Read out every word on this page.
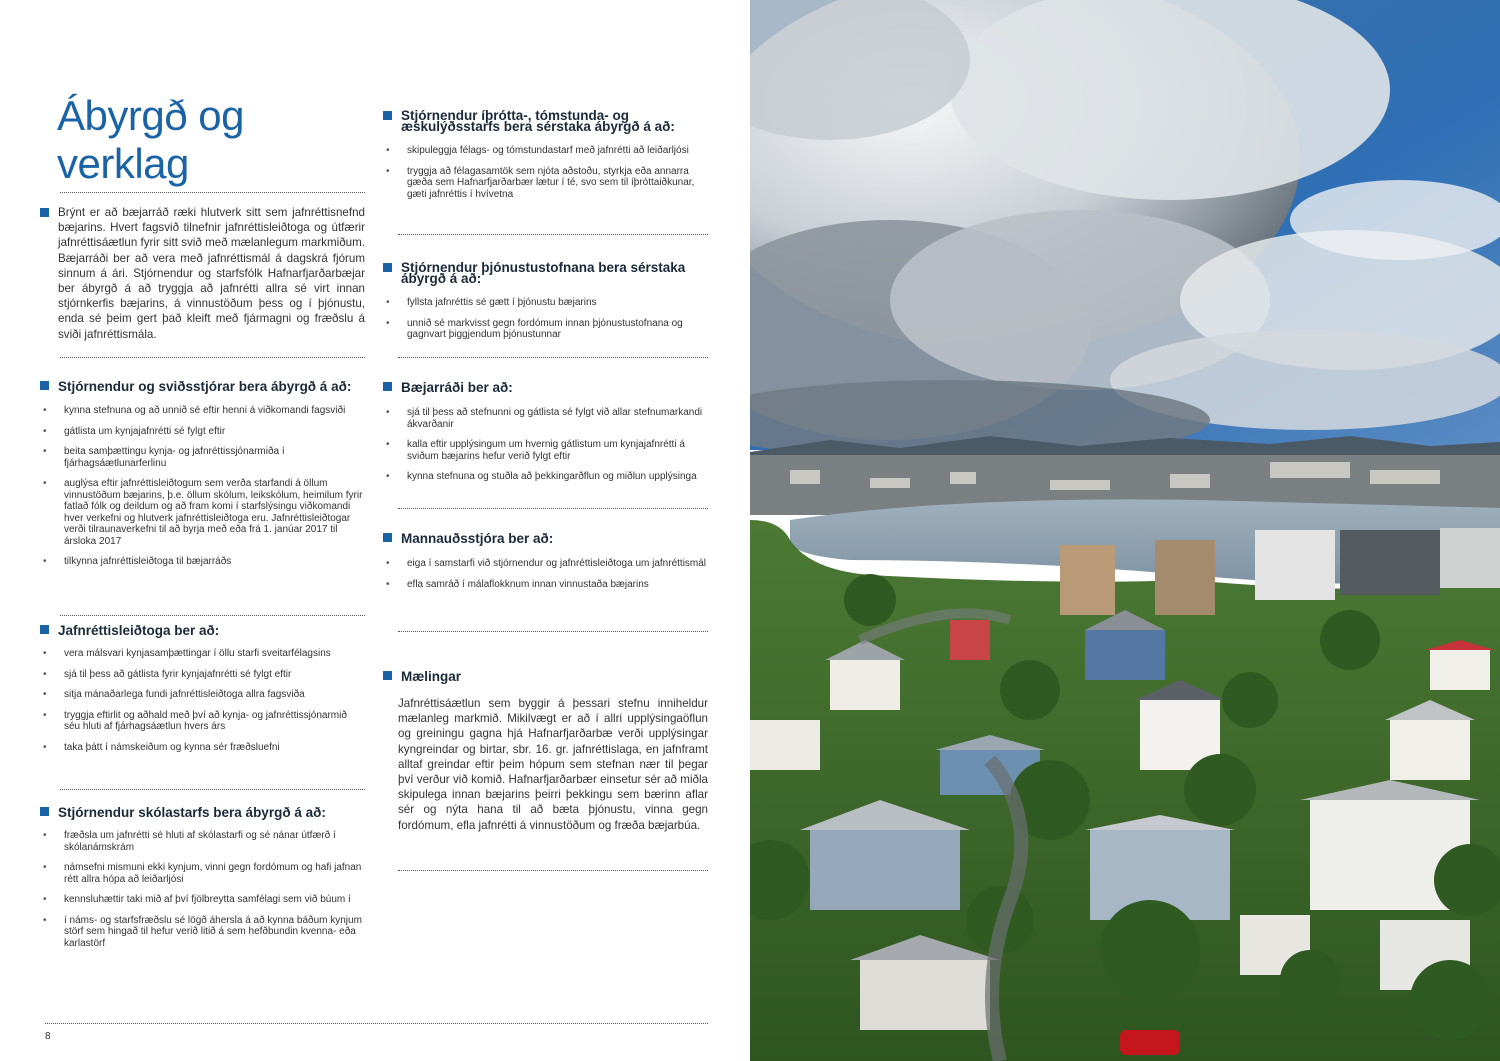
Ábyrgð og
verklag
Brýnt er að bæjarráð ræki hlutverk sitt sem jafnréttisnefnd bæjarins. Hvert fagsvið tilnefnir jafnréttisleiðtoga og útfærir jafnréttisáætlun fyrir sitt svið með mælanlegum markmiðum. Bæjarráði ber að vera með jafnréttismál á dagskrá fjórum sinnum á ári. Stjórnendur og starfsfólk Hafnarfjarðarbæjar ber ábyrgð á að tryggja að jafnrétti allra sé virt innan stjórnkerfis bæjarins, á vinnustöðum þess og í þjónustu, enda sé þeim gert það kleift með fjármagni og fræðslu á sviði jafnréttismála.
Stjórnendur og sviðsstjórar bera ábyrgð á að:
• kynna stefnuna og að unnið sé eftir henni á viðkomandi fagsviði
• gátlista um kynjajafnrétti sé fylgt eftir
• beita samþættingu kynja- og jafnréttissjónarmiða í fjárhagsáætlunarferlinu
• auglýsa eftir jafnréttisleiðtogum sem verða starfandi á öllum vinnustöðum bæjarins, þ.e. öllum skólum, leikskólum, heimilum fyrir fatlað fólk og deildum og að fram komi í starfslýsingu viðkomandi hver verkefni og hlutverk jafnréttisleiðtoga eru. Jafnréttisleiðtogar verði tilraunaverkefni til að byrja með eða frá 1. janúar 2017 til ársloka 2017
• tilkynna jafnréttisleiðtoga til bæjarráðs
Jafnréttisleiðtoga ber að:
• vera málsvari kynjasamþættingar í öllu starfi sveitarfélagsins
• sjá til þess að gátlista fyrir kynjajafnrétti sé fylgt eftir
• sitja mánaðarlega fundi jafnréttisleiðtoga allra fagsviða
• tryggja eftirlit og aðhald með því að kynja- og jafnréttissjónarmið séu hluti af fjárhagsáætlun hvers árs
• taka þátt í námskeiðum og kynna sér fræðsluefni
Stjórnendur skólastarfs bera ábyrgð á að:
• fræðsla um jafnrétti sé hluti af skólastarfi og sé nánar útfærð í skólanámskrám
• námsefni mismuni ekki kynjum, vinni gegn fordómum og hafi jafnan rétt allra hópa að leiðarljósi
• kennsluhættir taki mið af því fjölbreytta samfélagi sem við búum í
• í náms- og starfsfræðslu sé lögð áhersla á að kynna báðum kynjum störf sem hingað til hefur verið litið á sem hefðbundin kvenna- eða karlastörf
Stjórnendur íþrótta-, tómstunda- og æskulýðsstarfs bera sérstaka ábyrgð á að:
• skipuleggja félags- og tómstundastarf með jafnrétti að leiðarljósi
• tryggja að félagasamtök sem njóta aðstoðu, styrkja eða annarra gæða sem Hafnarfjarðarbær lætur í té, svo sem til íþróttaiðkunar, gæti jafnréttis í hvívetna
Stjórnendur þjónustustofnana bera sérstaka ábyrgð á að:
• fyllsta jafnréttis sé gætt í þjónustu bæjarins
• unnið sé markvisst gegn fordómum innan þjónustustofnana og gagnvart þiggjendum þjónustunnar
Bæjarráði ber að:
• sjá til þess að stefnunni og gátlista sé fylgt við allar stefnumarkandi ákvarðanir
• kalla eftir upplýsingum um hvernig gátlistum um kynjajafnrétti á sviðum bæjarins hefur verið fylgt eftir
• kynna stefnuna og stuðla að þekkingarðflun og miðlun upplýsinga
Mannauðsstjóra ber að:
• eiga í samstarfi við stjórnendur og jafnréttisleiðtoga um jafnréttismál
• efla samráð í málaflokknum innan vinnustaða bæjarins
Mælingar

Jafnréttisáætlun sem byggir á þessari stefnu inniheldur mælanleg markmið. Mikilvægt er að í allri upplýsingaöflun og greiningu gagna hjá Hafnarfjarðarbæ verði upplýsingar kyngreindar og birtar, sbr. 16. gr. jafnréttislaga, en jafnframt alltaf greindar eftir þeim hópum sem stefnan nær til þegar því verður við komið. Hafnarfjarðarbær einsetur sér að miðla skipulega innan bæjarins þeirri þekkingu sem bærinn aflar sér og nýta hana til að bæta þjónustu, vinna gegn fordómum, efla jafnrétti á vinnustöðum og fræða bæjarbúa.

8
